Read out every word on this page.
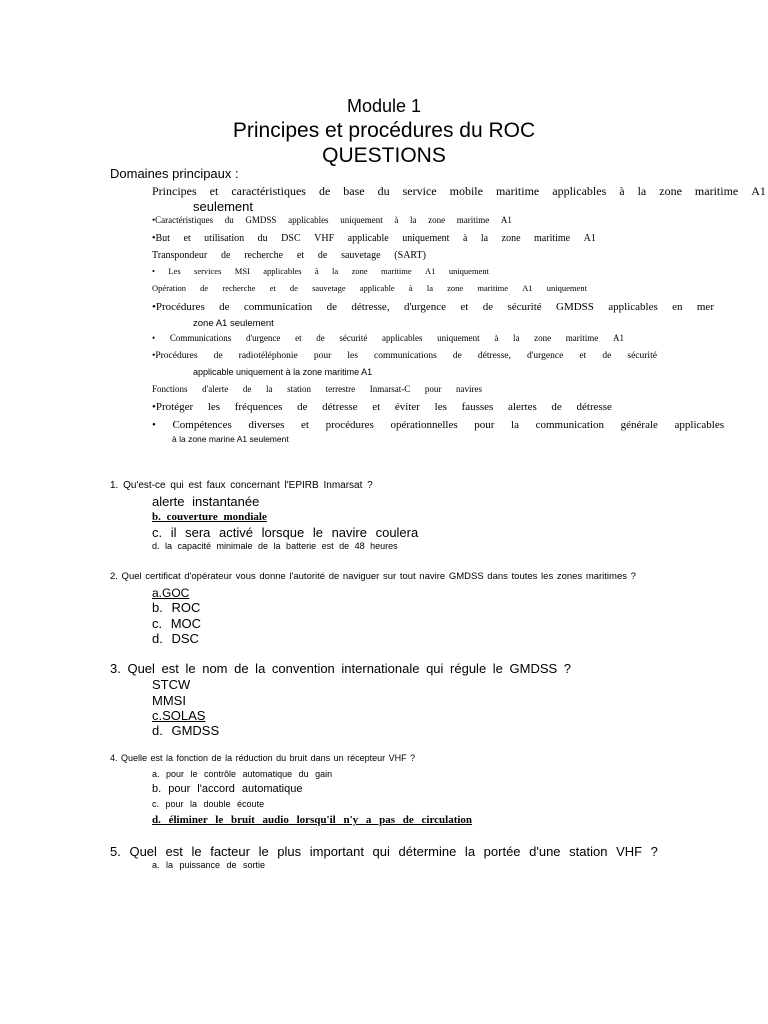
Module 1
Principes et procédures du ROC
QUESTIONS
Domaines principaux :
Principes et caractéristiques de base du service mobile maritime applicables à la zone maritime A1
seulement
•Caractéristiques du GMDSS applicables uniquement à la zone maritime A1
•But et utilisation du DSC VHF applicable uniquement à la zone maritime A1
Transpondeur de recherche et de sauvetage (SART)
• Les services MSI applicables à la zone maritime A1 uniquement
Opération de recherche et de sauvetage applicable à la zone maritime A1 uniquement
•Procédures de communication de détresse, d'urgence et de sécurité GMDSS applicables en mer
zone A1 seulement
• Communications d'urgence et de sécurité applicables uniquement à la zone maritime A1
•Procédures de radiotéléphonie pour les communications de détresse, d'urgence et de sécurité
applicable uniquement à la zone maritime A1
Fonctions d'alerte de la station terrestre Inmarsat-C pour navires
•Protéger les fréquences de détresse et éviter les fausses alertes de détresse
• Compétences diverses et procédures opérationnelles pour la communication générale applicables
à la zone marine A1 seulement
1. Qu'est-ce qui est faux concernant l'EPIRB Inmarsat ?
alerte instantanée
b. couverture mondiale
c. il sera activé lorsque le navire coulera
d. la capacité minimale de la batterie est de 48 heures
2. Quel certificat d'opérateur vous donne l'autorité de naviguer sur tout navire GMDSS dans toutes les zones maritimes ?
a.GOC
b. ROC
c. MOC
d. DSC
3. Quel est le nom de la convention internationale qui régule le GMDSS ?
STCW
MMSI
c.SOLAS
d. GMDSS
4. Quelle est la fonction de la réduction du bruit dans un récepteur VHF ?
a. pour le contrôle automatique du gain
b. pour l'accord automatique
c. pour la double écoute
d. éliminer le bruit audio lorsqu'il n'y a pas de circulation
5. Quel est le facteur le plus important qui détermine la portée d'une station VHF ?
a. la puissance de sortie
